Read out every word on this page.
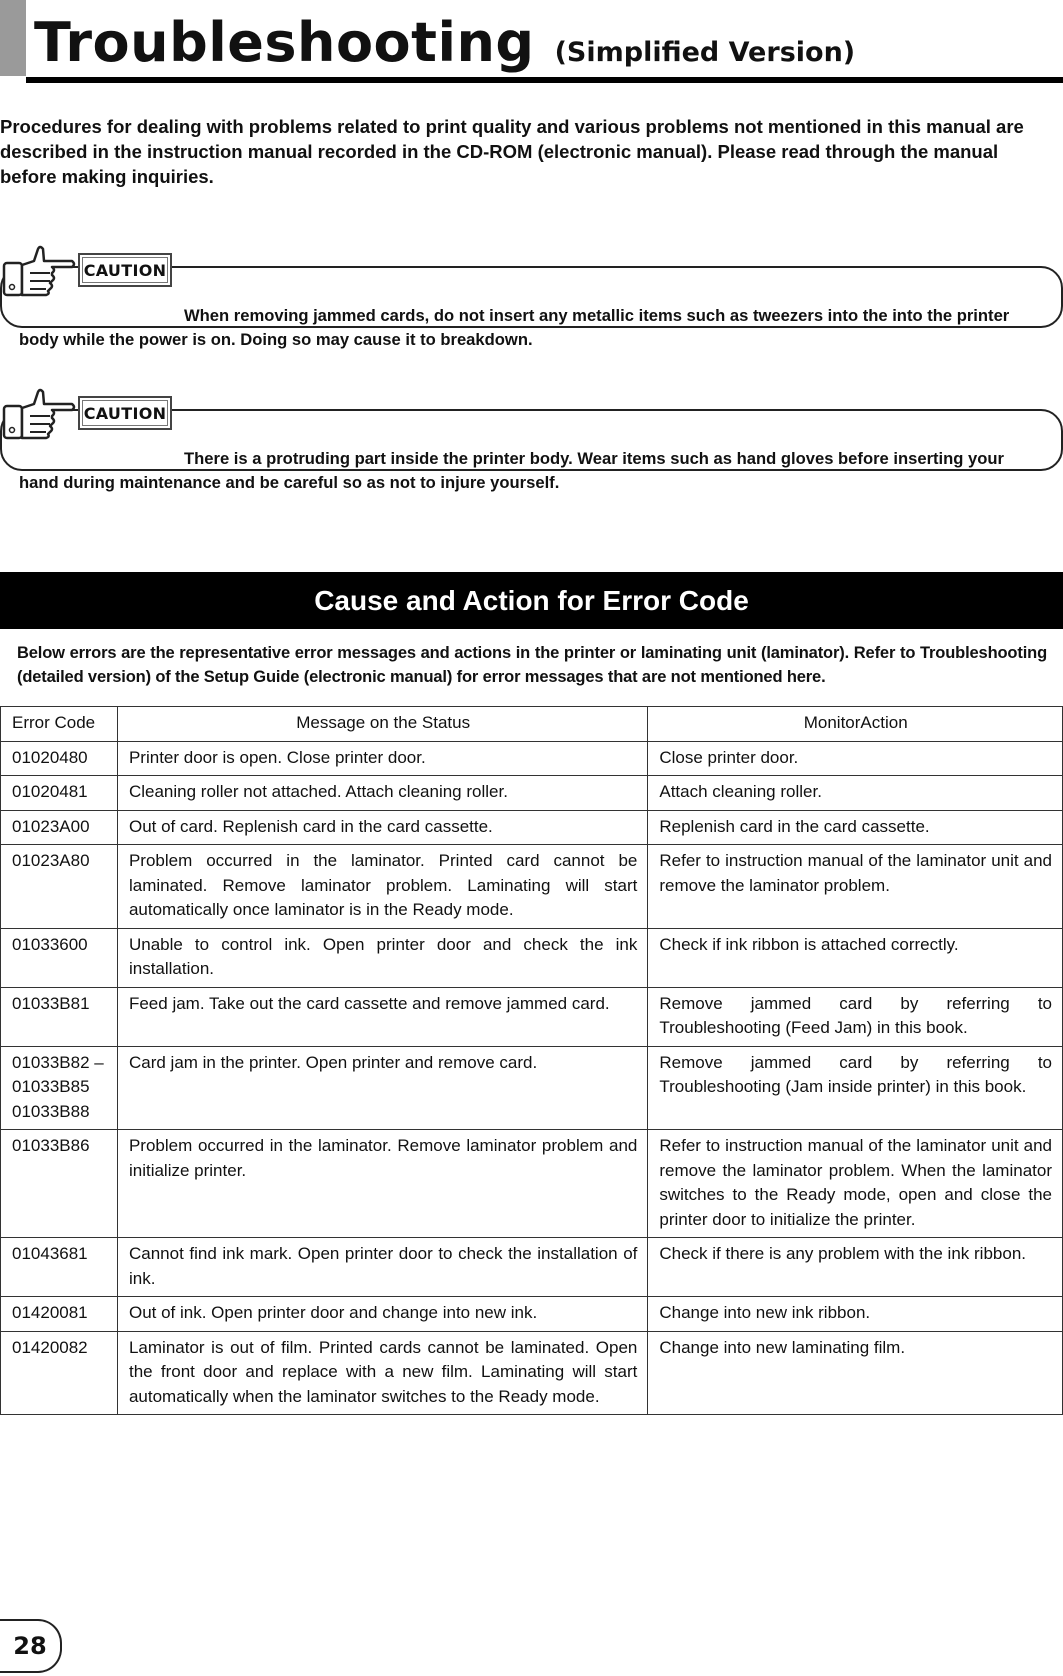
Troubleshooting (Simplified Version)
Procedures for dealing with problems related to print quality and various problems not mentioned in this manual are described in the instruction manual recorded in the CD-ROM (electronic manual). Please read through the manual before making inquiries.
When removing jammed cards, do not insert any metallic items such as tweezers into the into the printer body while the power is on. Doing so may cause it to breakdown.
CAUTION
There is a protruding part inside the printer body. Wear items such as hand gloves before inserting your hand during maintenance and be careful so as not to injure yourself.
CAUTION
Cause and Action for Error Code
Below errors are the representative error messages and actions in the printer or laminating unit (laminator). Refer to Troubleshooting (detailed version) of the Setup Guide (electronic manual) for error messages that are not mentioned here.
Error Code	Message on the Status	MonitorAction

01020480	Printer door is open. Close printer door.	Close printer door.

01020481	Cleaning roller not attached. Attach cleaning roller.	Attach cleaning roller.

01023A00	Out of card. Replenish card in the card cassette.	Replenish card in the card cassette.

01023A80	Problem occurred in the laminator. Printed card cannot be laminated. Remove laminator problem. Laminating will start automatically once laminator is in the Ready mode.	Refer to instruction manual of the laminator unit and remove the laminator problem.

01033600	Unable to control ink. Open printer door and check the ink installation.	Check if ink ribbon is attached correctly.

01033B81	Feed jam. Take out the card cassette and remove jammed card.	Remove jammed card by referring to Troubleshooting (Feed Jam) in this book.

01033B82 –
01033B85
01033B88	Card jam in the printer. Open printer and remove card.	Remove jammed card by referring to Troubleshooting (Jam inside printer) in this book.

01033B86	Problem occurred in the laminator. Remove laminator problem and initialize printer.	Refer to instruction manual of the laminator unit and remove the laminator problem. When the laminator switches to the Ready mode, open and close the printer door to initialize the printer.

01043681	Cannot find ink mark. Open printer door to check the installation of ink.	Check if there is any problem with the ink ribbon.

01420081	Out of ink. Open printer door and change into new ink.	Change into new ink ribbon.

01420082	Laminator is out of film. Printed cards cannot be laminated. Open the front door and replace with a new film. Laminating will start automatically when the laminator switches to the Ready mode.	Change into new laminating film.
28
